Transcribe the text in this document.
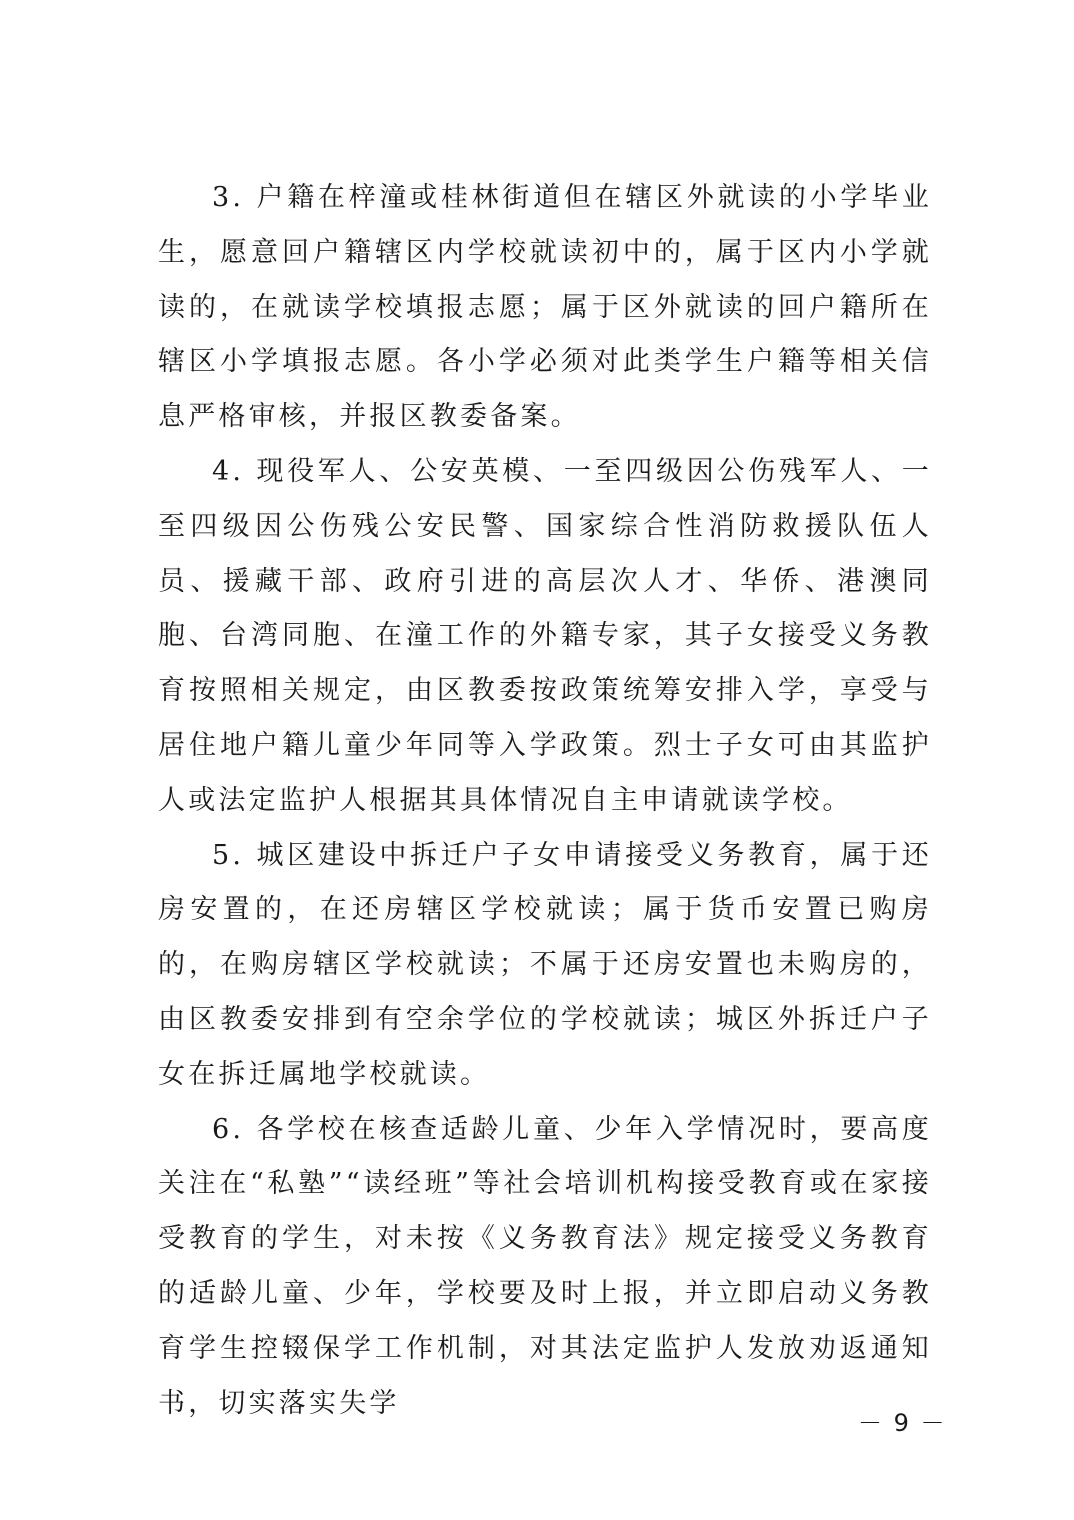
3. 户籍在梓潼或桂林街道但在辖区外就读的小学毕业生，愿意回户籍辖区内学校就读初中的，属于区内小学就读的，在就读学校填报志愿；属于区外就读的回户籍所在辖区小学填报志愿。各小学必须对此类学生户籍等相关信息严格审核，并报区教委备案。

4. 现役军人、公安英模、一至四级因公伤残军人、一至四级因公伤残公安民警、国家综合性消防救援队伍人员、援藏干部、政府引进的高层次人才、华侨、港澳同胞、台湾同胞、在潼工作的外籍专家，其子女接受义务教育按照相关规定，由区教委按政策统筹安排入学，享受与居住地户籍儿童少年同等入学政策。烈士子女可由其监护人或法定监护人根据其具体情况自主申请就读学校。

5. 城区建设中拆迁户子女申请接受义务教育，属于还房安置的，在还房辖区学校就读；属于货币安置已购房的，在购房辖区学校就读；不属于还房安置也未购房的，由区教委安排到有空余学位的学校就读；城区外拆迁户子女在拆迁属地学校就读。

6. 各学校在核查适龄儿童、少年入学情况时，要高度关注在“私塾”“读经班”等社会培训机构接受教育或在家接受教育的学生，对未按《义务教育法》规定接受义务教育的适龄儿童、少年，学校要及时上报，并立即启动义务教育学生控辍保学工作机制，对其法定监护人发放劝返通知书，切实落实失学

－ 9 －
